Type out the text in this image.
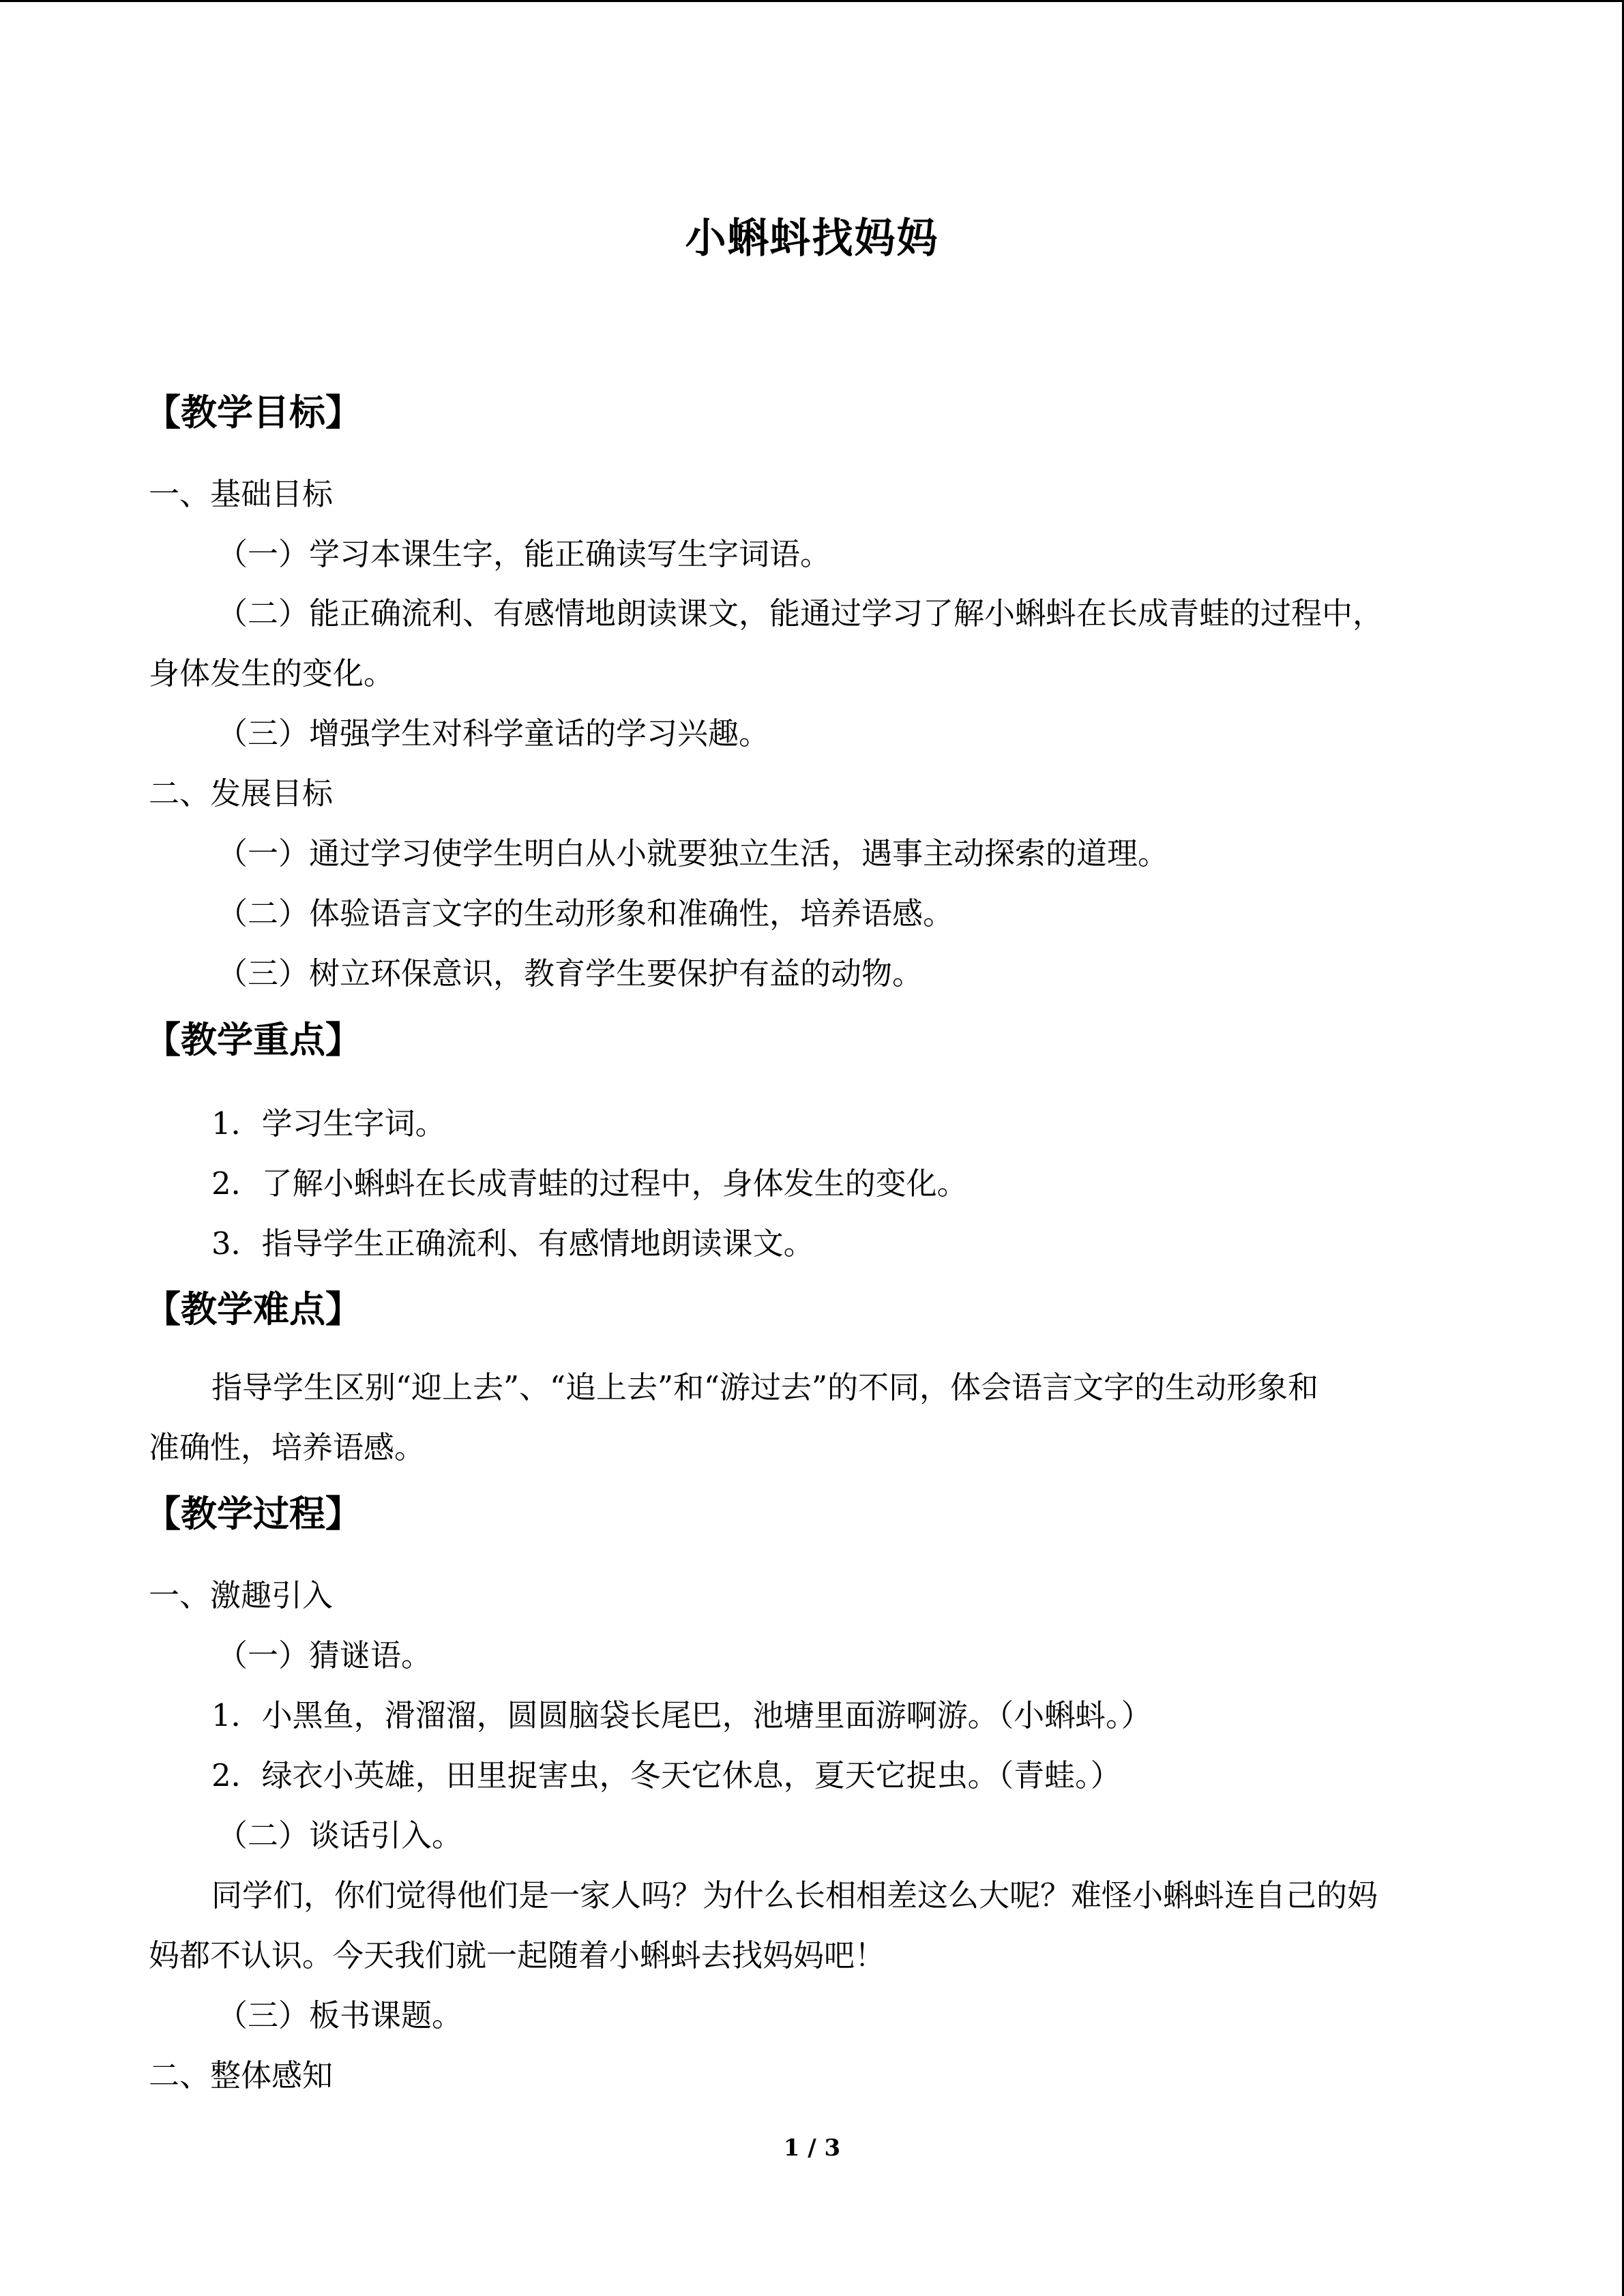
小蝌蚪找妈妈
【教学目标】
一、基础目标
（一）学习本课生字，能正确读写生字词语。
（二）能正确流利、有感情地朗读课文，能通过学习了解小蝌蚪在长成青蛙的过程中，
身体发生的变化。
（三）增强学生对科学童话的学习兴趣。
二、发展目标
（一）通过学习使学生明白从小就要独立生活，遇事主动探索的道理。
（二）体验语言文字的生动形象和准确性，培养语感。
（三）树立环保意识，教育学生要保护有益的动物。
【教学重点】
1．学习生字词。
2．了解小蝌蚪在长成青蛙的过程中，身体发生的变化。
3．指导学生正确流利、有感情地朗读课文。
【教学难点】
指导学生区别“迎上去”、“追上去”和“游过去”的不同，体会语言文字的生动形象和
准确性，培养语感。
【教学过程】
一、激趣引入
（一）猜谜语。
1．小黑鱼，滑溜溜，圆圆脑袋长尾巴，池塘里面游啊游。（小蝌蚪。）
2．绿衣小英雄，田里捉害虫，冬天它休息，夏天它捉虫。（青蛙。）
（二）谈话引入。
同学们，你们觉得他们是一家人吗？为什么长相相差这么大呢？难怪小蝌蚪连自己的妈
妈都不认识。今天我们就一起随着小蝌蚪去找妈妈吧！
（三）板书课题。
二、整体感知
1 / 3
